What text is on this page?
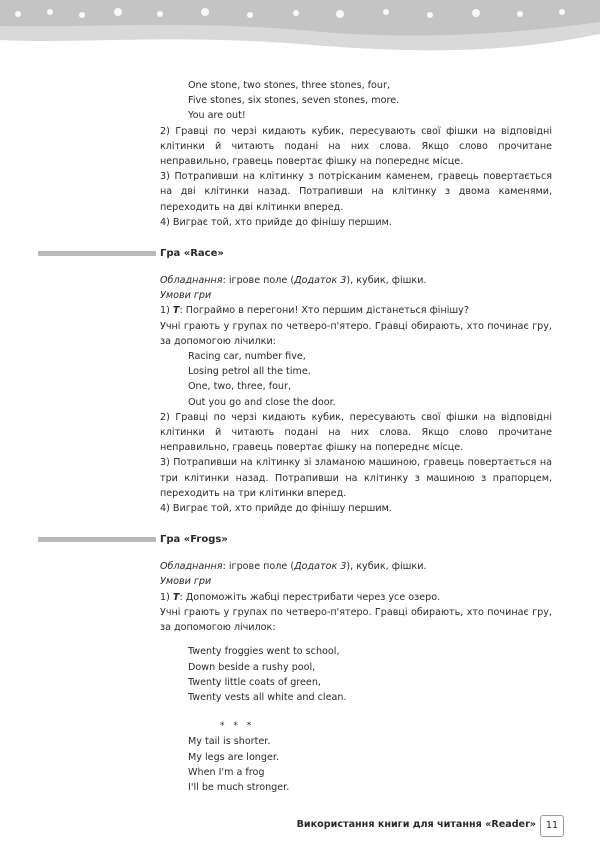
One stone, two stones, three stones, four,
Five stones, six stones, seven stones, more.
You are out!

2) Гравці по черзі кидають кубик, пересувають свої фішки на відповідні клітинки й читають подані на них слова. Якщо слово прочитане неправильно, гравець повертає фішку на попереднє місце.

3) Потрапивши на клітинку з потрісканим каменем, гравець повертається на дві клітинки назад. Потрапивши на клітинку з двома каменями, переходить на дві клітинки вперед.

4) Виграє той, хто прийде до фінішу першим.

Гра «Race»

Обладнання: ігрове поле (Додаток 3), кубик, фішки.

Умови гри

1) T: Пограймо в перегони! Хто першим дістанеться фінішу?

Учні грають у групах по четверо-п'ятеро. Гравці обирають, хто починає гру, за допомогою лічилки:

Racing car, number five,
Losing petrol all the time.
One, two, three, four,
Out you go and close the door.

2) Гравці по черзі кидають кубик, пересувають свої фішки на відповідні клітинки й читають подані на них слова. Якщо слово прочитане неправильно, гравець повертає фішку на попереднє місце.

3) Потрапивши на клітинку зі зламаною машиною, гравець повертається на три клітинки назад. Потрапивши на клітинку з машиною з прапорцем, переходить на три клітинки вперед.

4) Виграє той, хто прийде до фінішу першим.

Гра «Frogs»

Обладнання: ігрове поле (Додаток 3), кубик, фішки.

Умови гри

1) T: Допоможіть жабці перестрибати через усе озеро.

Учні грають у групах по четверо-п'ятеро. Гравці обирають, хто починає гру, за допомогою лічилок:

Twenty froggies went to school,
Down beside a rushy pool,
Twenty little coats of green,
Twenty vests all white and clean.
* * *
My tail is shorter.
My legs are longer.
When I'm a frog
I'll be much stronger.
Використання книги для читання «Reader»	11
